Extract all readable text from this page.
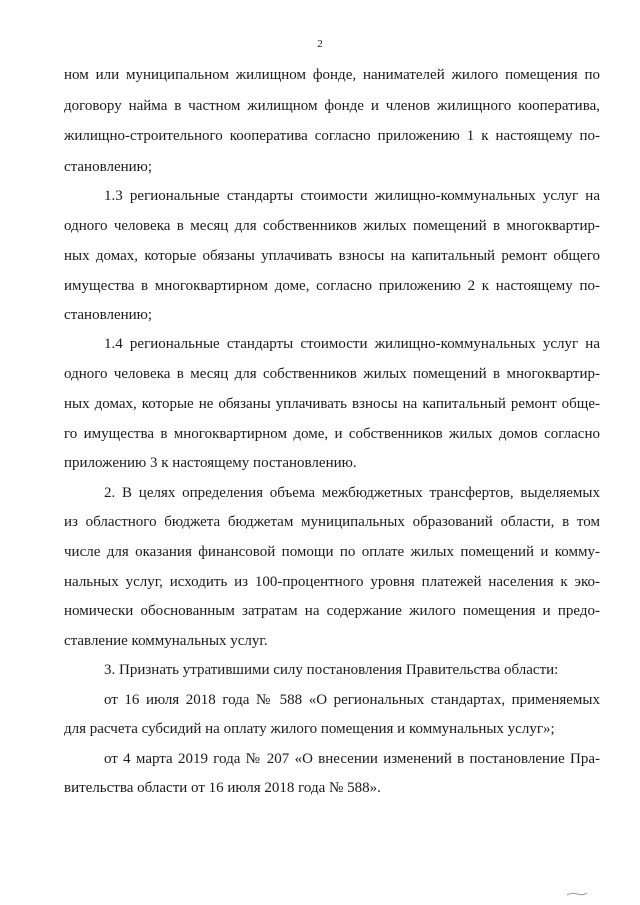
2
ном или муниципальном жилищном фонде, нанимателей жилого помещения по
договору найма в частном жилищном фонде и членов жилищного кооператива,
жилищно-строительного кооператива согласно приложению 1 к настоящему по-
становлению;
1.3 региональные стандарты стоимости жилищно-коммунальных услуг на
одного человека в месяц для собственников жилых помещений в многоквартир-
ных домах, которые обязаны уплачивать взносы на капитальный ремонт общего
имущества в многоквартирном доме, согласно приложению 2 к настоящему по-
становлению;
1.4 региональные стандарты стоимости жилищно-коммунальных услуг на
одного человека в месяц для собственников жилых помещений в многоквартир-
ных домах, которые не обязаны уплачивать взносы на капитальный ремонт обще-
го имущества в многоквартирном доме, и собственников жилых домов согласно
приложению 3 к настоящему постановлению.
2. В целях определения объема межбюджетных трансфертов, выделяемых
из областного бюджета бюджетам муниципальных образований области, в том
числе для оказания финансовой помощи по оплате жилых помещений и комму-
нальных услуг, исходить из 100-процентного уровня платежей населения к эко-
номически обоснованным затратам на содержание жилого помещения и предо-
ставление коммунальных услуг.
3. Признать утратившими силу постановления Правительства области:
от 16 июля 2018 года № 588 «О региональных стандартах, применяемых
для расчета субсидий на оплату жилого помещения и коммунальных услуг»;
от 4 марта 2019 года № 207 «О внесении изменений в постановление Пра-
вительства области от 16 июля 2018 года № 588».
